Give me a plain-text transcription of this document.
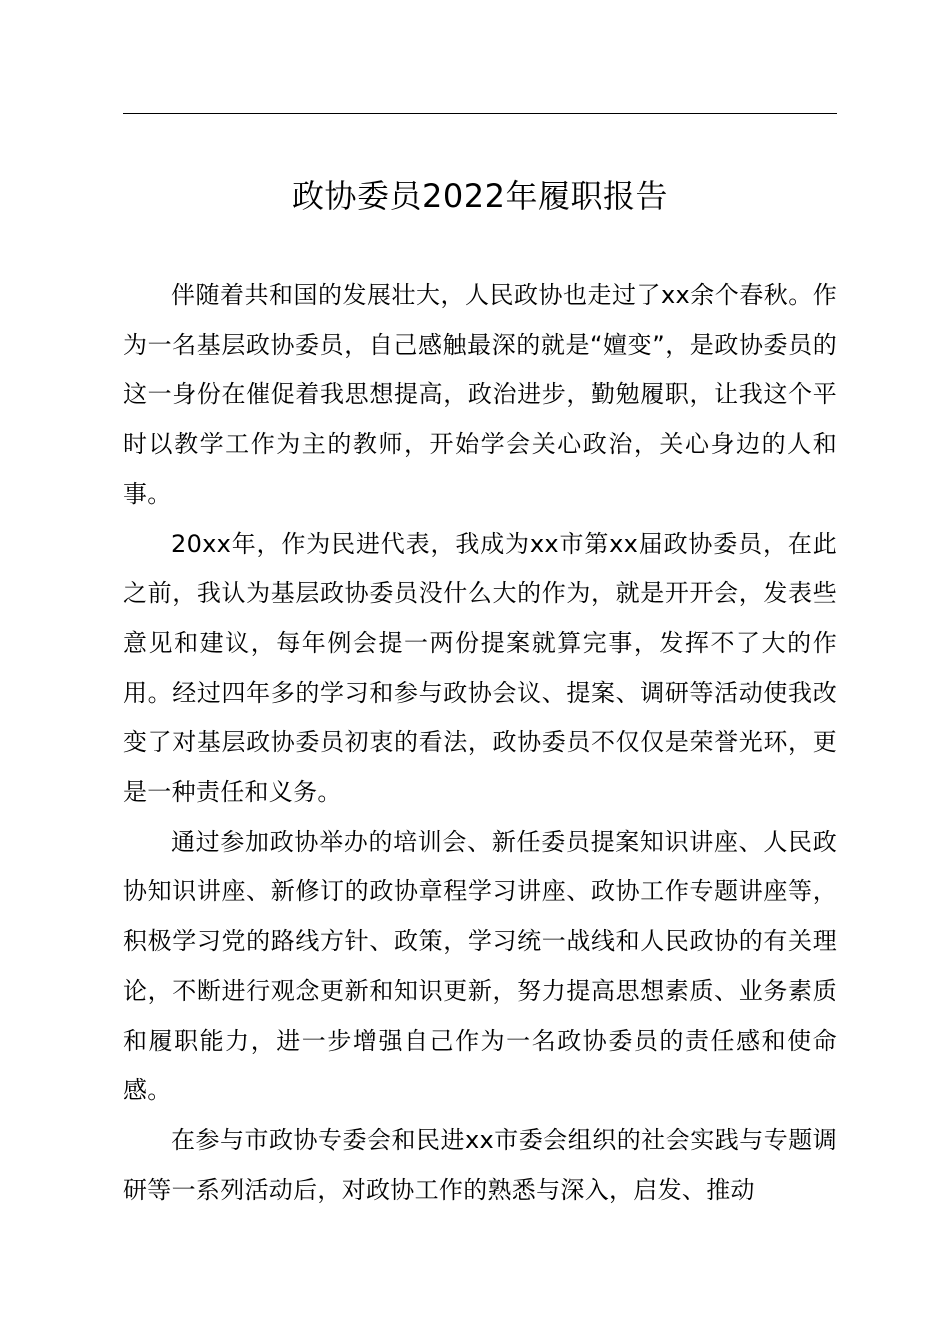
政协委员2022年履职报告

伴随着共和国的发展壮大，人民政协也走过了xx余个春秋。作为一名基层政协委员，自己感触最深的就是“嬗变”，是政协委员的这一身份在催促着我思想提高，政治进步，勤勉履职，让我这个平时以教学工作为主的教师，开始学会关心政治，关心身边的人和事。

20xx年，作为民进代表，我成为xx市第xx届政协委员，在此之前，我认为基层政协委员没什么大的作为，就是开开会，发表些意见和建议，每年例会提一两份提案就算完事，发挥不了大的作用。经过四年多的学习和参与政协会议、提案、调研等活动使我改变了对基层政协委员初衷的看法，政协委员不仅仅是荣誉光环，更是一种责任和义务。

通过参加政协举办的培训会、新任委员提案知识讲座、人民政协知识讲座、新修订的政协章程学习讲座、政协工作专题讲座等，积极学习党的路线方针、政策，学习统一战线和人民政协的有关理论，不断进行观念更新和知识更新，努力提高思想素质、业务素质和履职能力，进一步增强自己作为一名政协委员的责任感和使命感。

在参与市政协专委会和民进xx市委会组织的社会实践与专题调研等一系列活动后，对政协工作的熟悉与深入，启发、推动
